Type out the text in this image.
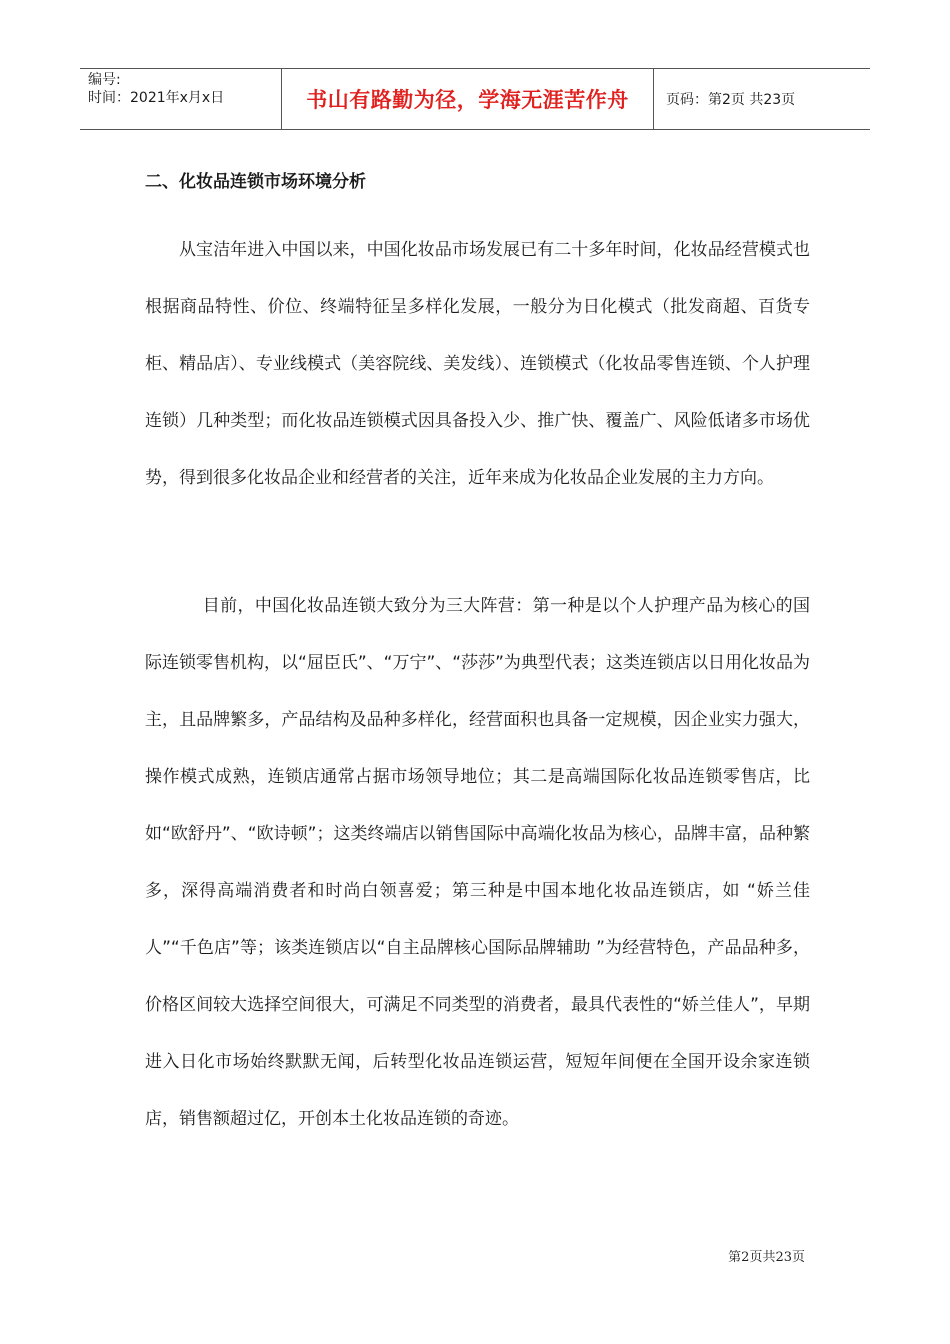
编号:
时间：2021年x月x日	书山有路勤为径，学海无涯苦作舟	页码：第2页 共23页
二、化妆品连锁市场环境分析
从宝洁年进入中国以来，中国化妆品市场发展已有二十多年时间，化妆品经营模式也根据商品特性、价位、终端特征呈多样化发展，一般分为日化模式（批发商超、百货专柜、精品店）、专业线模式（美容院线、美发线）、连锁模式（化妆品零售连锁、个人护理连锁）几种类型；而化妆品连锁模式因具备投入少、推广快、覆盖广、风险低诸多市场优势，得到很多化妆品企业和经营者的关注，近年来成为化妆品企业发展的主力方向。
目前，中国化妆品连锁大致分为三大阵营：第一种是以个人护理产品为核心的国际连锁零售机构，以“屈臣氏”、“万宁”、“莎莎”为典型代表；这类连锁店以日用化妆品为主，且品牌繁多，产品结构及品种多样化，经营面积也具备一定规模，因企业实力强大，操作模式成熟，连锁店通常占据市场领导地位；其二是高端国际化妆品连锁零售店，比如“欧舒丹”、“欧诗顿”；这类终端店以销售国际中高端化妆品为核心，品牌丰富，品种繁多，深得高端消费者和时尚白领喜爱；第三种是中国本地化妆品连锁店，如 “娇兰佳人”“千色店”等；该类连锁店以“自主品牌核心国际品牌辅助 ”为经营特色，产品品种多，价格区间较大选择空间很大，可满足不同类型的消费者，最具代表性的“娇兰佳人”，早期进入日化市场始终默默无闻，后转型化妆品连锁运营，短短年间便在全国开设余家连锁店，销售额超过亿，开创本土化妆品连锁的奇迹。
第2页共23页
